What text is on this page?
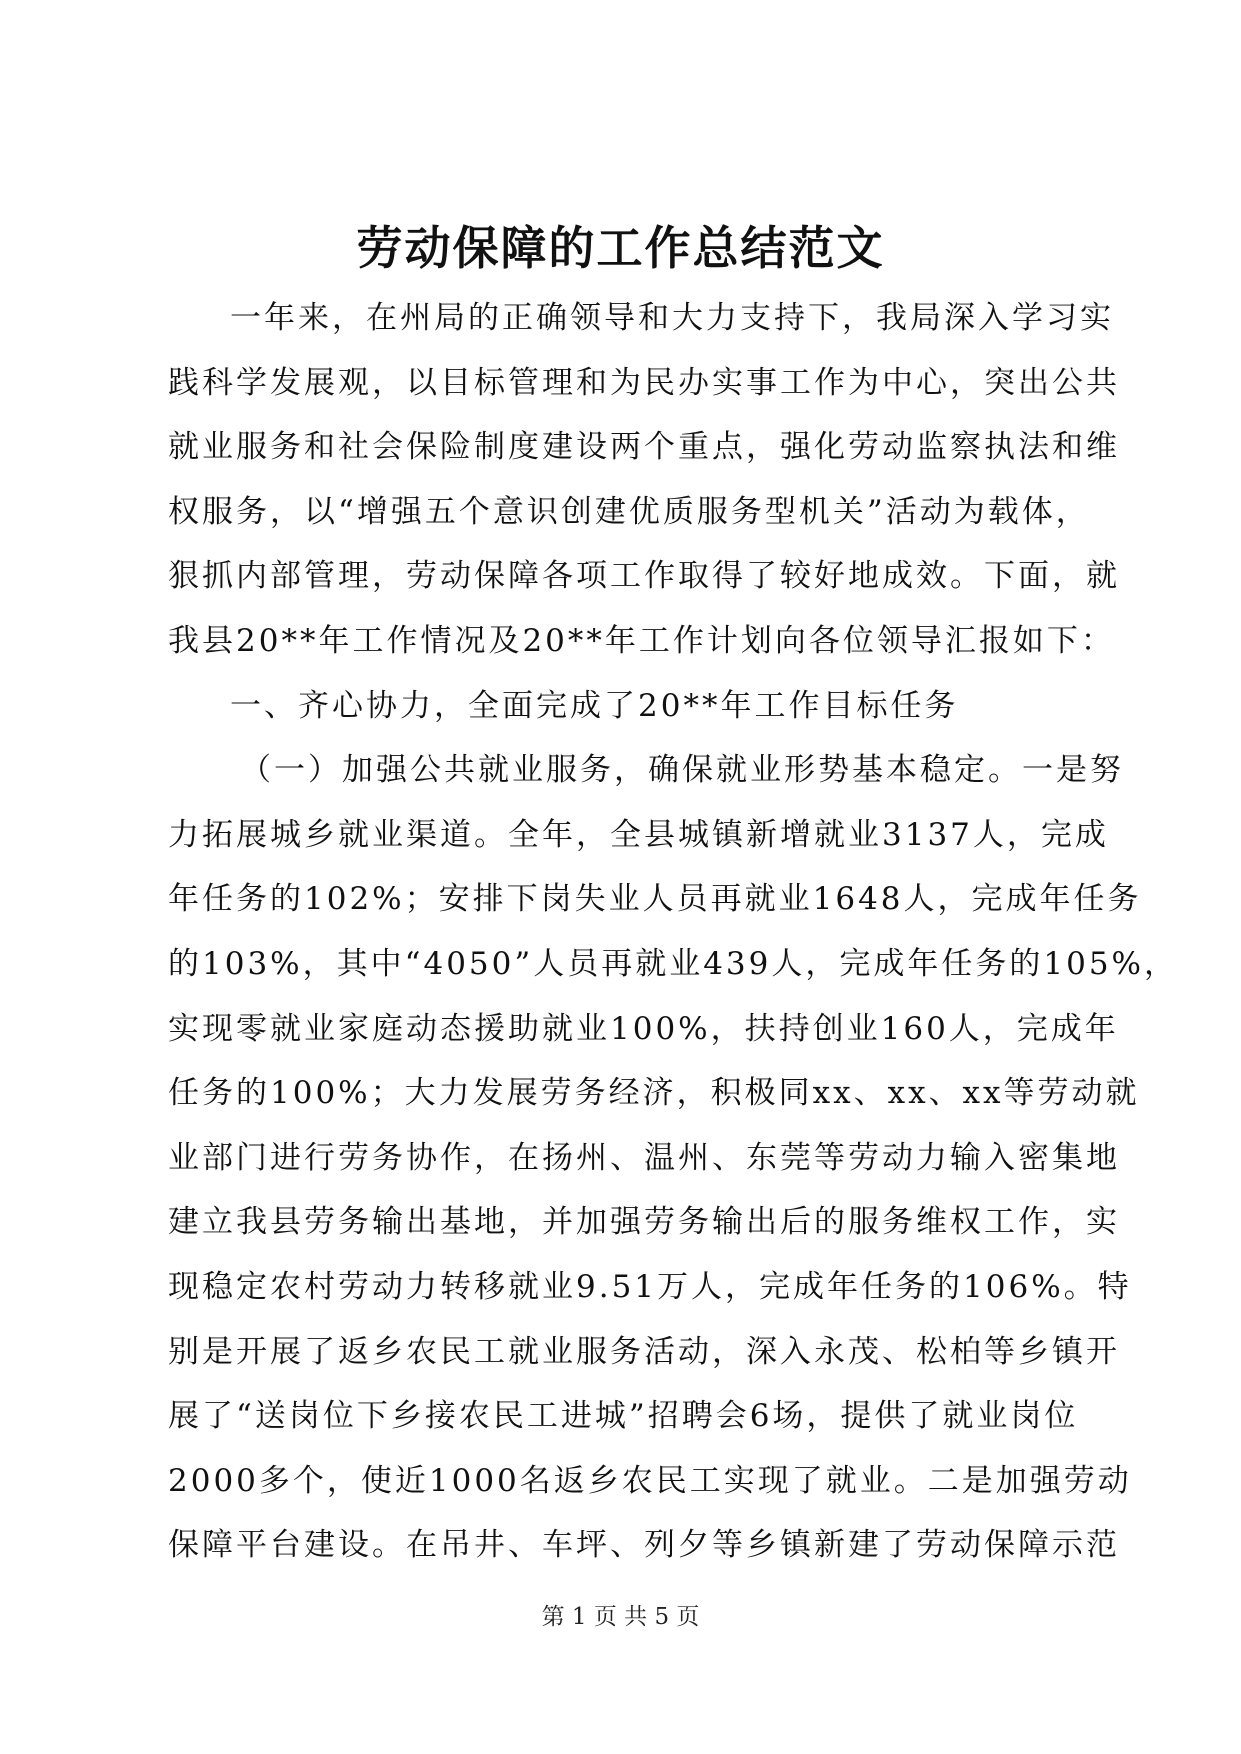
劳动保障的工作总结范文
一年来，在州局的正确领导和大力支持下，我局深入学习实
践科学发展观，以目标管理和为民办实事工作为中心，突出公共
就业服务和社会保险制度建设两个重点，强化劳动监察执法和维
权服务，以“增强五个意识创建优质服务型机关”活动为载体，
狠抓内部管理，劳动保障各项工作取得了较好地成效。下面，就
我县20**年工作情况及20**年工作计划向各位领导汇报如下：
一、齐心协力，全面完成了20**年工作目标任务
（一）加强公共就业服务，确保就业形势基本稳定。一是努
力拓展城乡就业渠道。全年，全县城镇新增就业3137人，完成
年任务的102%；安排下岗失业人员再就业1648人，完成年任务
的103%，其中“4050”人员再就业439人，完成年任务的105%，
实现零就业家庭动态援助就业100%，扶持创业160人，完成年
任务的100%；大力发展劳务经济，积极同xx、xx、xx等劳动就
业部门进行劳务协作，在扬州、温州、东莞等劳动力输入密集地
建立我县劳务输出基地，并加强劳务输出后的服务维权工作，实
现稳定农村劳动力转移就业9.51万人，完成年任务的106%。特
别是开展了返乡农民工就业服务活动，深入永茂、松柏等乡镇开
展了“送岗位下乡接农民工进城”招聘会6场，提供了就业岗位
2000多个，使近1000名返乡农民工实现了就业。二是加强劳动
保障平台建设。在吊井、车坪、列夕等乡镇新建了劳动保障示范
第 1 页 共 5 页
